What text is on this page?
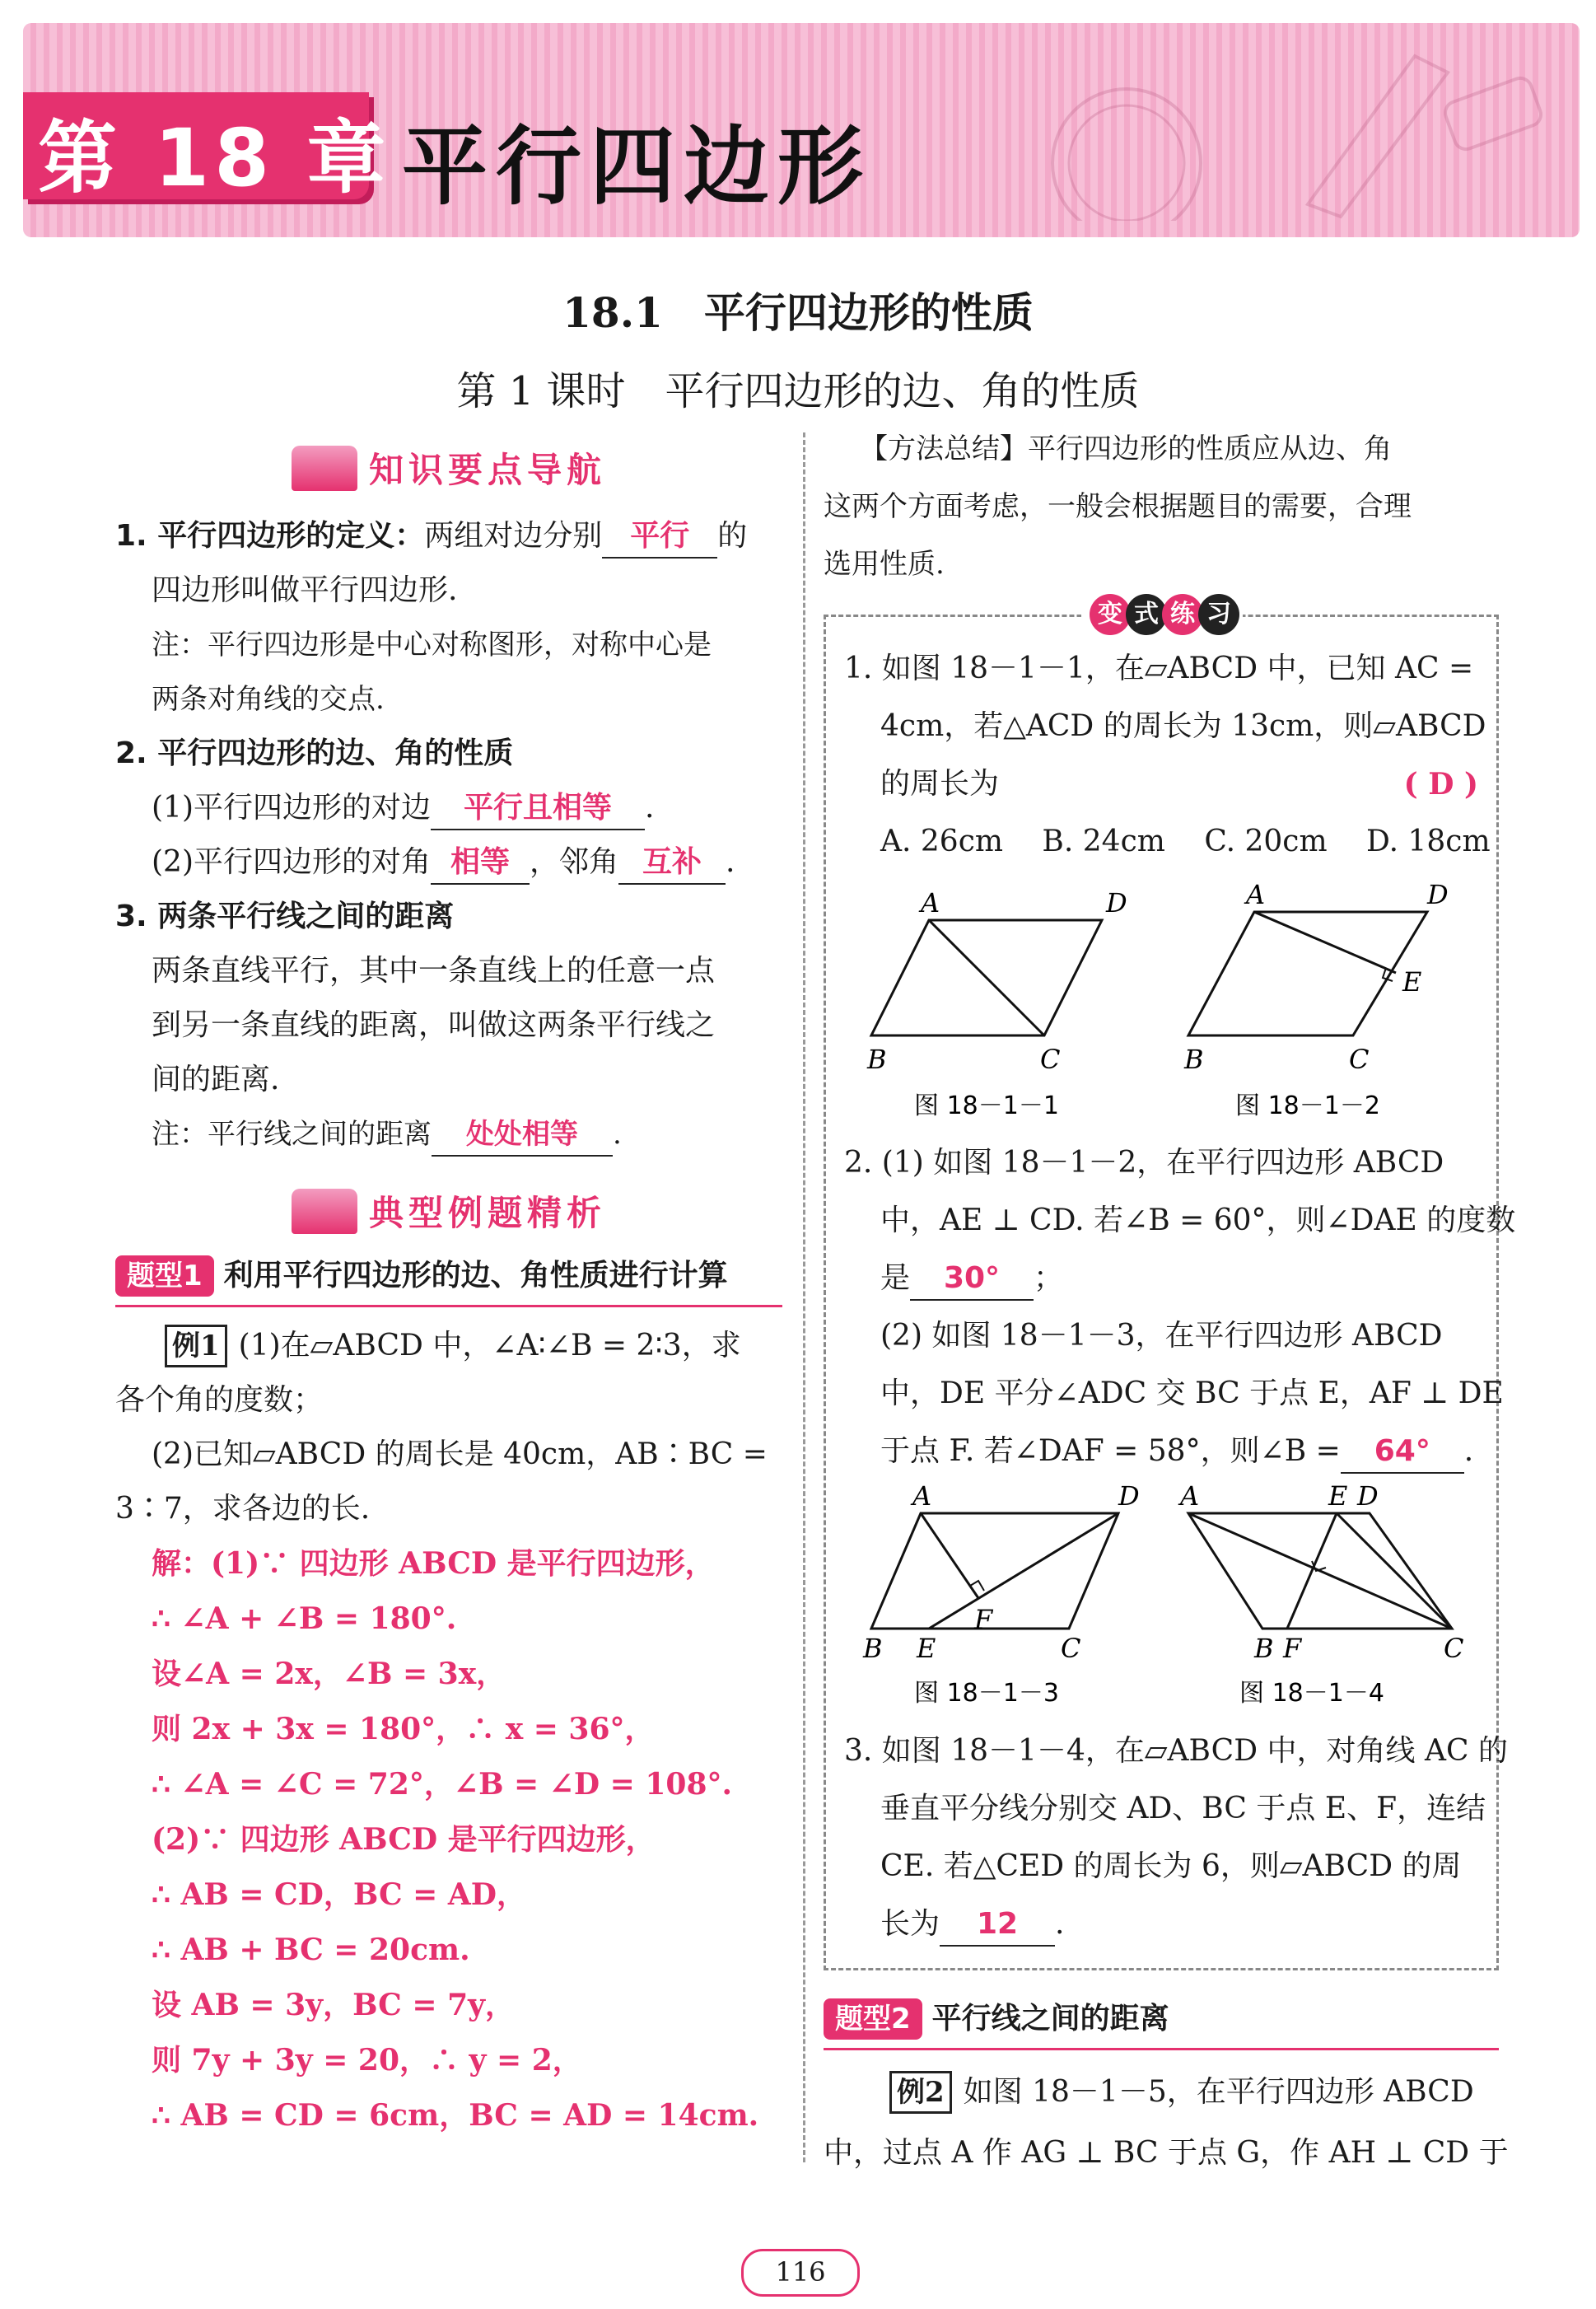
第 18 章 平行四边形
18.1　平行四边形的性质
第 1 课时　平行四边形的边、角的性质
知识要点导航
1. 平行四边形的定义：两组对边分别 平行 的
四边形叫做平行四边形.
注：平行四边形是中心对称图形，对称中心是
两条对角线的交点.
2. 平行四边形的边、角的性质
(1)平行四边形的对边 平行且相等 .
(2)平行四边形的对角 相等 ，邻角 互补 .
3. 两条平行线之间的距离
两条直线平行，其中一条直线上的任意一点
到另一条直线的距离，叫做这两条平行线之
间的距离.
注：平行线之间的距离 处处相等 .
典型例题精析
题型1 利用平行四边形的边、角性质进行计算
例1 (1)在▱ABCD 中，∠A∶∠B = 2∶3，求
各个角的度数；
(2)已知▱ABCD 的周长是 40cm，AB∶BC =
3∶7，求各边的长.
解：(1)∵ 四边形 ABCD 是平行四边形，
∴ ∠A + ∠B = 180°.
设∠A = 2x，∠B = 3x，
则 2x + 3x = 180°，∴ x = 36°，
∴ ∠A = ∠C = 72°，∠B = ∠D = 108°.
(2)∵ 四边形 ABCD 是平行四边形，
∴ AB = CD，BC = AD，
∴ AB + BC = 20cm.
设 AB = 3y，BC = 7y，
则 7y + 3y = 20，∴ y = 2，
∴ AB = CD = 6cm，BC = AD = 14cm.
【方法总结】平行四边形的性质应从边、角
这两个方面考虑，一般会根据题目的需要，合理
选用性质.
变 式 练 习
1. 如图 18－1－1，在▱ABCD 中，已知 AC =
4cm，若△ACD 的周长为 13cm，则▱ABCD
的周长为	( D )
A. 26cm　 B. 24cm　 C. 20cm　 D. 18cm
A	D
B	C
图 18－1－1
A	D
E
B	C
图 18－1－2
2. (1) 如图 18－1－2，在平行四边形 ABCD
中，AE ⊥ CD. 若∠B = 60°，则∠DAE 的度数
是 30° ；
(2) 如图 18－1－3，在平行四边形 ABCD
中，DE 平分∠ADC 交 BC 于点 E，AF ⊥ DE
于点 F. 若∠DAF = 58°，则∠B = 64° .
A	D
F
B E	C
图 18－1－3
A	E D
B F	C
图 18－1－4
3. 如图 18－1－4，在▱ABCD 中，对角线 AC 的
垂直平分线分别交 AD、BC 于点 E、F，连结
CE. 若△CED 的周长为 6，则▱ABCD 的周
长为 12 .
题型2 平行线之间的距离
例2 如图 18－1－5，在平行四边形 ABCD
中，过点 A 作 AG ⊥ BC 于点 G，作 AH ⊥ CD 于
116
